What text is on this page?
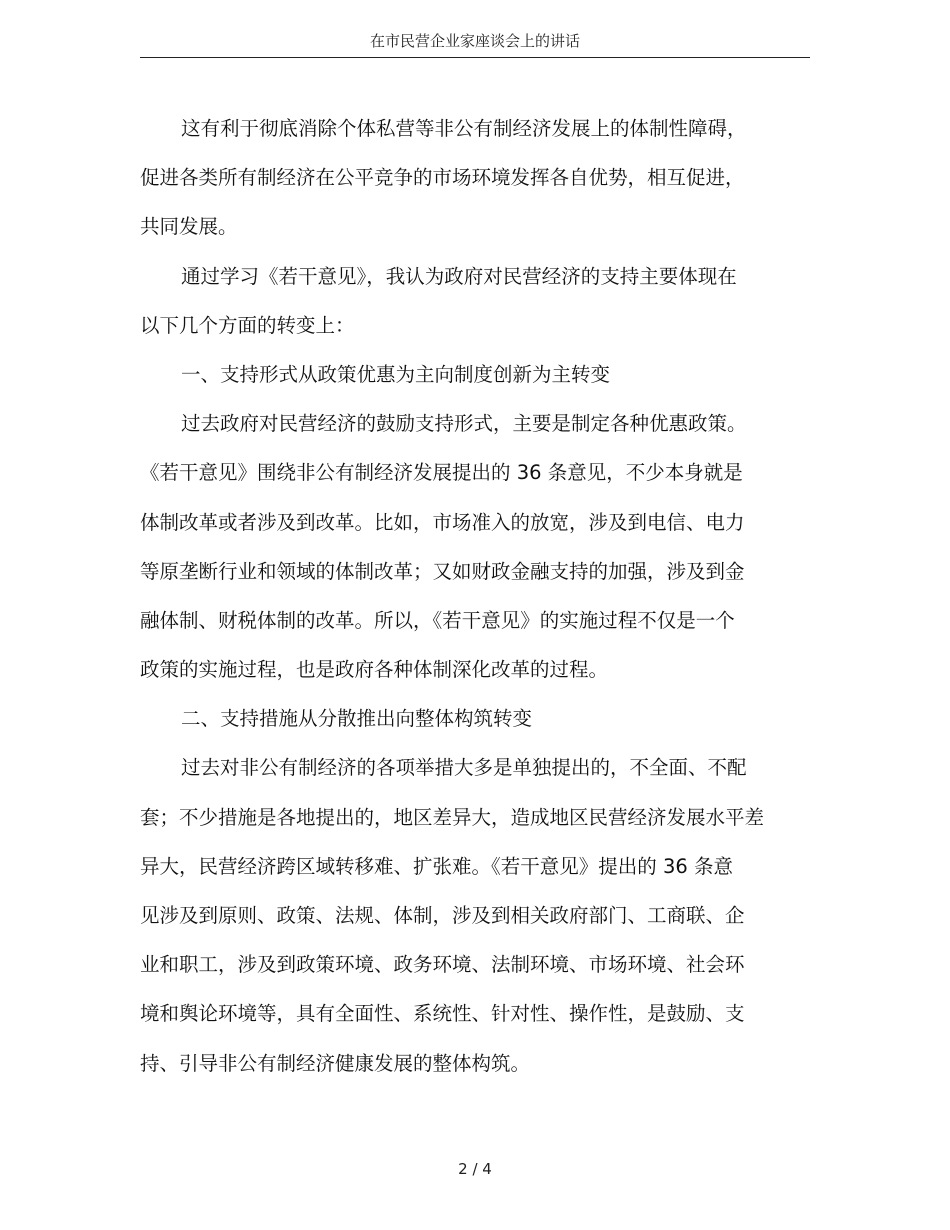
在市民营企业家座谈会上的讲话
这有利于彻底消除个体私营等非公有制经济发展上的体制性障碍，
促进各类所有制经济在公平竞争的市场环境发挥各自优势，相互促进，
共同发展。
通过学习《若干意见》，我认为政府对民营经济的支持主要体现在
以下几个方面的转变上：
一、支持形式从政策优惠为主向制度创新为主转变
过去政府对民营经济的鼓励支持形式，主要是制定各种优惠政策。
《若干意见》围绕非公有制经济发展提出的 36 条意见，不少本身就是
体制改革或者涉及到改革。比如，市场准入的放宽，涉及到电信、电力
等原垄断行业和领域的体制改革；又如财政金融支持的加强，涉及到金
融体制、财税体制的改革。所以，《若干意见》的实施过程不仅是一个
政策的实施过程，也是政府各种体制深化改革的过程。
二、支持措施从分散推出向整体构筑转变
过去对非公有制经济的各项举措大多是单独提出的，不全面、不配
套；不少措施是各地提出的，地区差异大，造成地区民营经济发展水平差
异大，民营经济跨区域转移难、扩张难。《若干意见》提出的 36 条意
见涉及到原则、政策、法规、体制，涉及到相关政府部门、工商联、企
业和职工，涉及到政策环境、政务环境、法制环境、市场环境、社会环
境和舆论环境等，具有全面性、系统性、针对性、操作性，是鼓励、支
持、引导非公有制经济健康发展的整体构筑。
2 / 4
